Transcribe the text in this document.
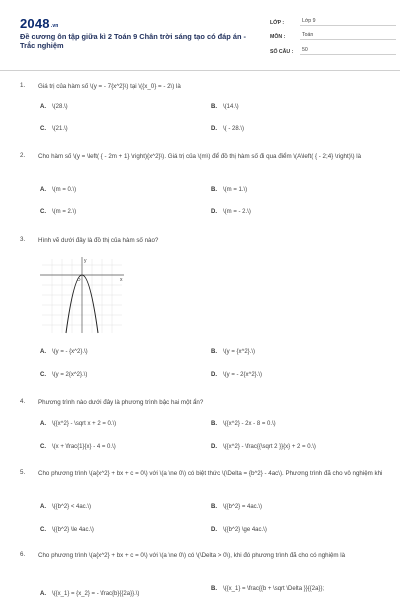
2048.vn
Đề cương ôn tập giữa kì 2 Toán 9 Chân trời sáng tạo có đáp án - Trắc nghiệm
LỚP :	Lớp 9
MÔN :	Toán
SỐ CÂU :	50
1. Giá trị của hàm số \(y = - 7{x^2}\) tại \({x_0} = - 2\) là
A. \(28.\)	B. \(14.\)
C. \(21.\)	D. \( - 28.\)
2. Cho hàm số \(y = \left( { - 2m + 1} \right){x^2}\). Giá trị của \(m\) để đồ thị hàm số đi qua điểm \(A\left( { - 2;4} \right)\) là
A. \(m = 0.\)	B. \(m = 1.\)
C. \(m = 2.\)	D. \(m = - 2.\)
3. Hình vẽ dưới đây là đồ thị của hàm số nào?
y
x
O
A. \(y = - {x^2}.\)	B. \(y = {x^2}.\)
C. \(y = 2{x^2}.\)	D. \(y = - 2{x^2}.\)
4. Phương trình nào dưới đây là phương trình bậc hai một ẩn?
A. \({x^2} - \sqrt x + 2 = 0.\)	B. \({x^2} - 2x - 8 = 0.\)
C. \(x + \frac{1}{x} - 4 = 0.\)	D. \({x^2} - \frac{{\sqrt 2 }}{x} + 2 = 0.\)
5. Cho phương trình \(a{x^2} + bx + c = 0\) với \(a \ne 0\) có biệt thức \(\Delta = {b^2} - 4ac\). Phương trình đã cho vô nghiệm khi
A. \({b^2} < 4ac.\)	B. \({b^2} = 4ac.\)
C. \({b^2} \le 4ac.\)	D. \({b^2} \ge 4ac.\)
6. Cho phương trình \(a{x^2} + bx + c = 0\) với \(a \ne 0\) có \(\Delta > 0\), khi đó phương trình đã cho có nghiệm là
A. \({x_1} = {x_2} = - \frac{b}{{2a}}.\)
B. \({x_1} = \frac{{b + \sqrt \Delta }}{{2a}};
